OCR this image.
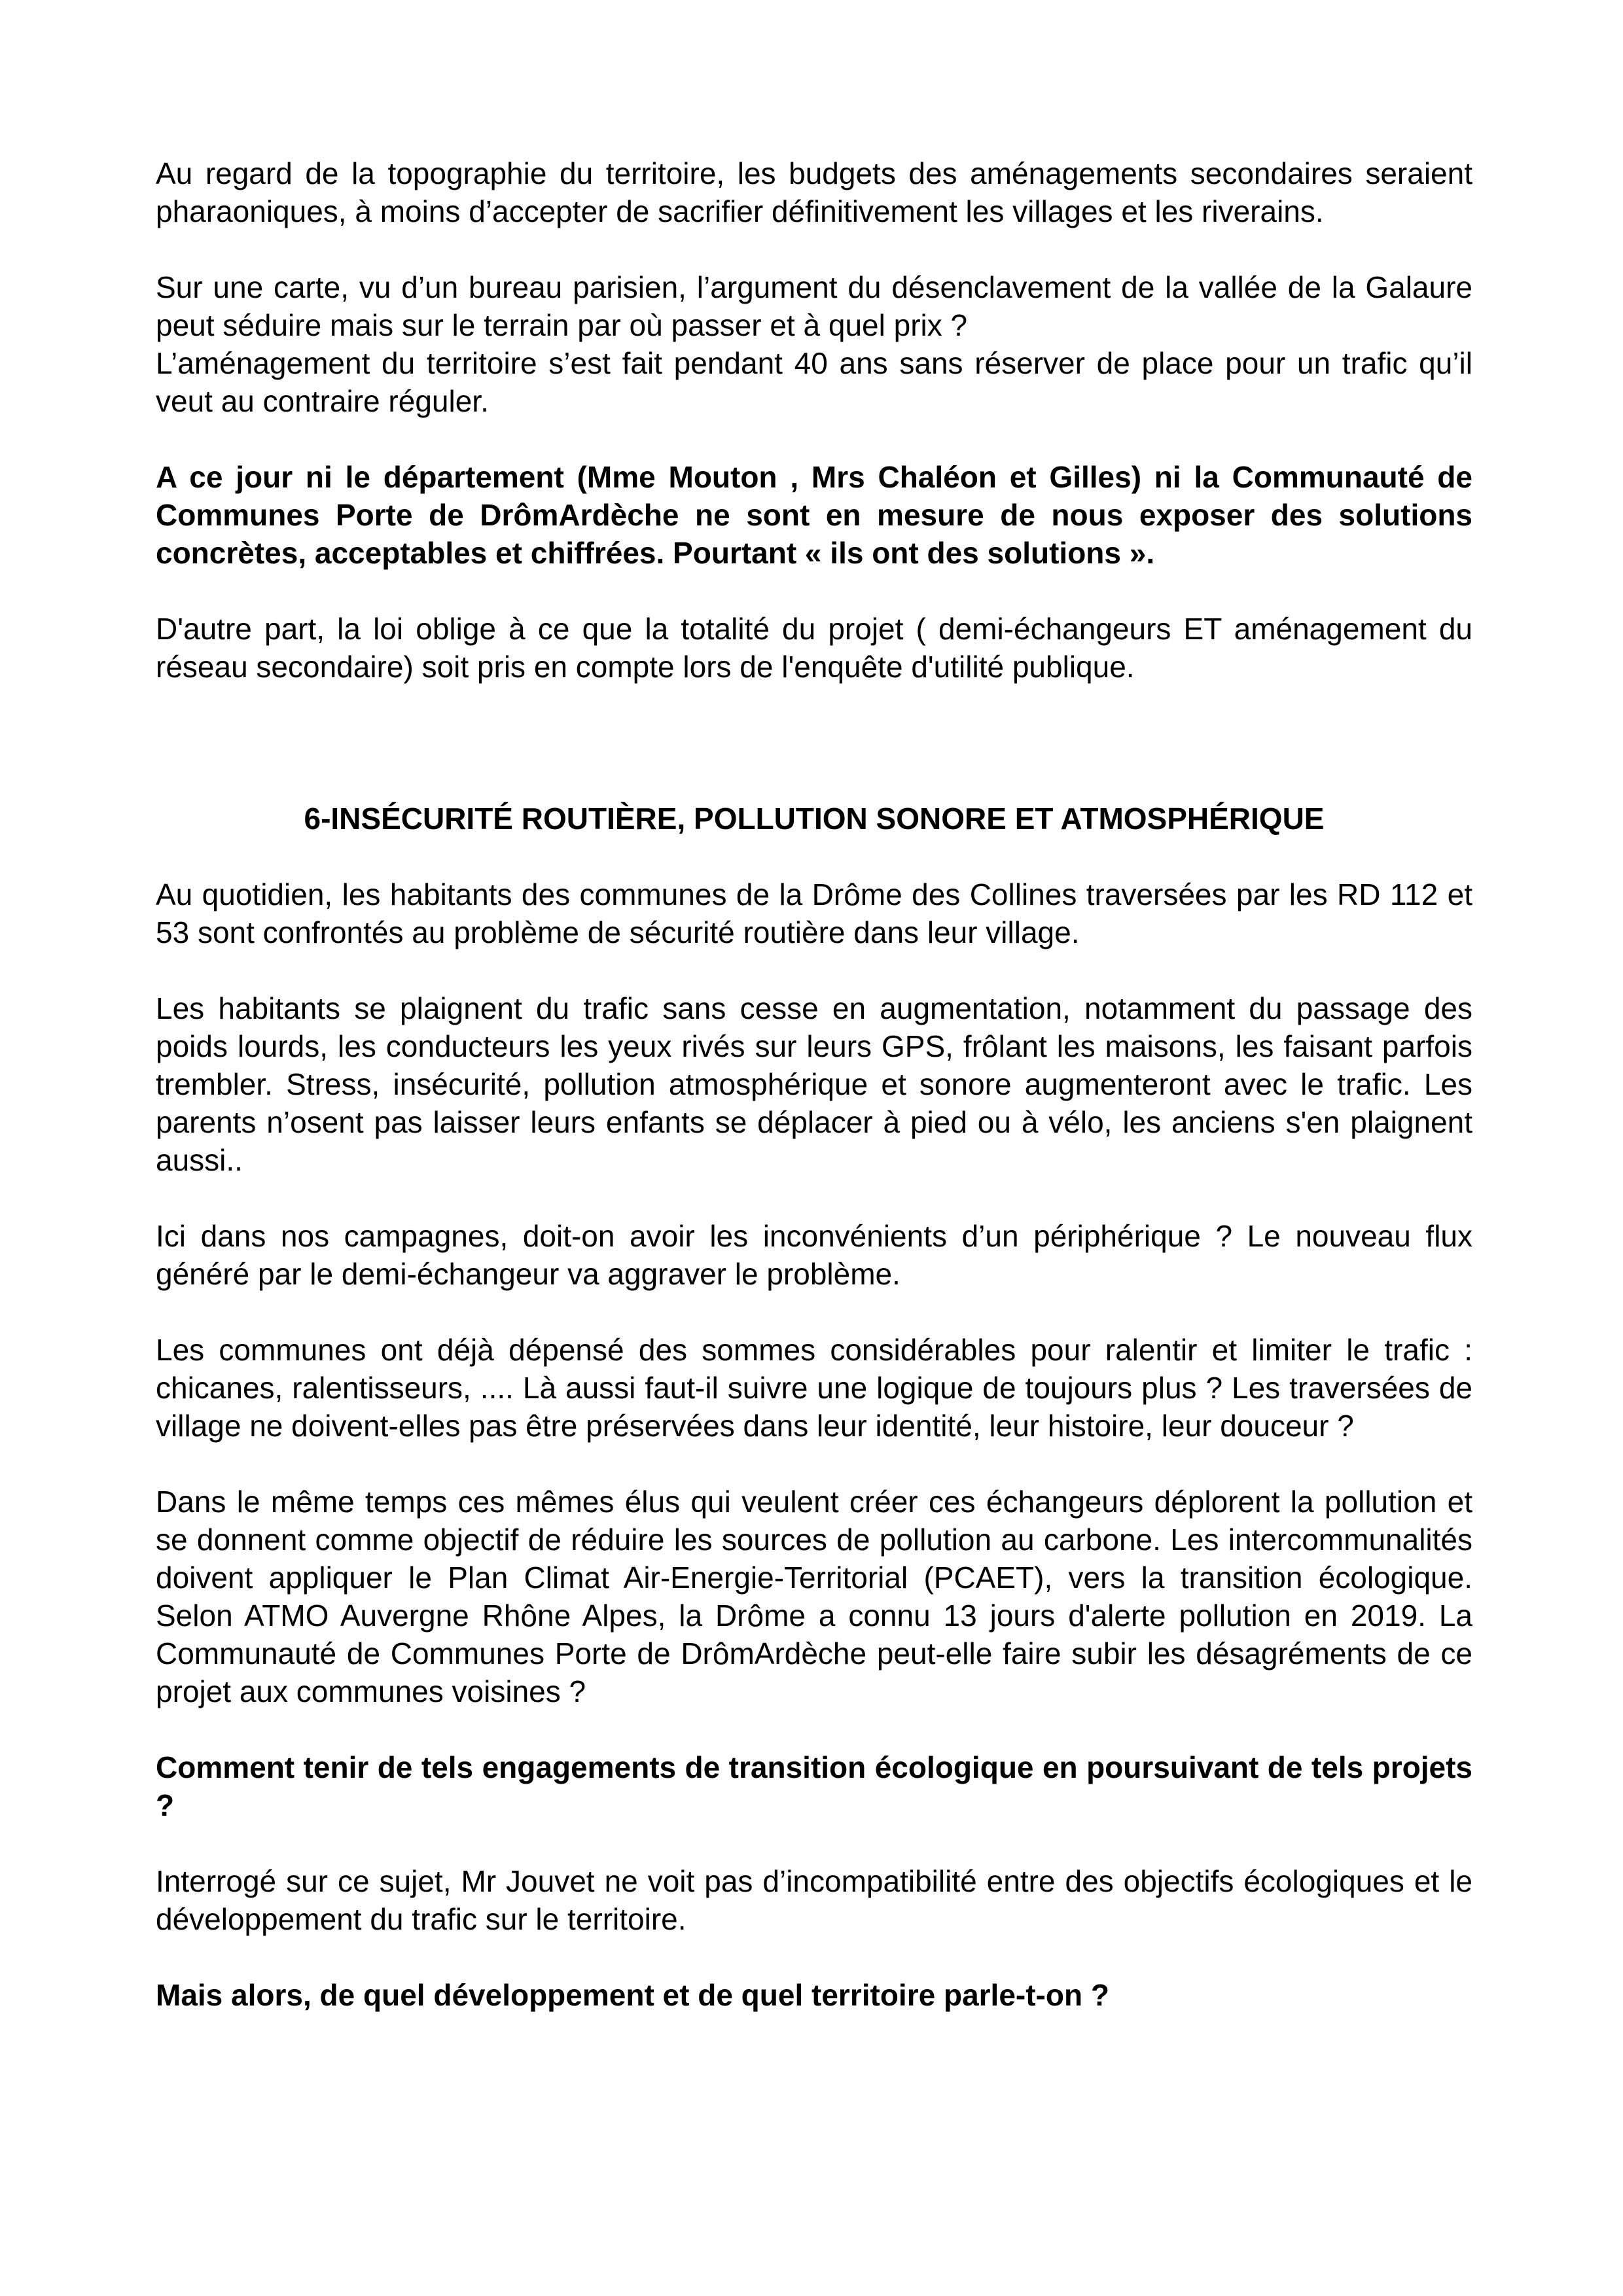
Au regard de la topographie du territoire, les budgets des aménagements secondaires seraient pharaoniques, à moins d’accepter de sacrifier définitivement les villages et les riverains.

Sur une carte, vu d’un bureau parisien, l’argument du désenclavement de la vallée de la Galaure peut séduire mais sur le terrain par où passer et à quel prix ?

L’aménagement du territoire s’est fait pendant 40 ans sans réserver de place pour un trafic qu’il veut au contraire réguler.

A ce jour ni le département (Mme Mouton , Mrs Chaléon et Gilles) ni la Communauté de Communes Porte de DrômArdèche ne sont en mesure de nous exposer des solutions concrètes, acceptables et chiffrées. Pourtant « ils ont des solutions ».

D'autre part, la loi oblige à ce que la totalité du projet ( demi-échangeurs ET aménagement du réseau secondaire) soit pris en compte lors de l'enquête d'utilité publique.

6-INSÉCURITÉ ROUTIÈRE, POLLUTION SONORE ET ATMOSPHÉRIQUE

Au quotidien, les habitants des communes de la Drôme des Collines traversées par les RD 112 et 53 sont confrontés au problème de sécurité routière dans leur village.

Les habitants se plaignent du trafic sans cesse en augmentation, notamment du passage des poids lourds, les conducteurs les yeux rivés sur leurs GPS, frôlant les maisons, les faisant parfois trembler. Stress, insécurité, pollution atmosphérique et sonore augmenteront avec le trafic. Les parents n’osent pas laisser leurs enfants se déplacer à pied ou à vélo, les anciens s'en plaignent aussi..

Ici dans nos campagnes, doit-on avoir les inconvénients d’un périphérique ? Le nouveau flux généré par le demi-échangeur va aggraver le problème.

Les communes ont déjà dépensé des sommes considérables pour ralentir et limiter le trafic : chicanes, ralentisseurs, .... Là aussi faut-il suivre une logique de toujours plus ? Les traversées de village ne doivent-elles pas être préservées dans leur identité, leur histoire, leur douceur ?

Dans le même temps ces mêmes élus qui veulent créer ces échangeurs déplorent la pollution et se donnent comme objectif de réduire les sources de pollution au carbone. Les intercommunalités doivent appliquer le Plan Climat Air-Energie-Territorial (PCAET), vers la transition écologique. Selon ATMO Auvergne Rhône Alpes, la Drôme a connu 13 jours d'alerte pollution en 2019. La Communauté de Communes Porte de DrômArdèche peut-elle faire subir les désagréments de ce projet aux communes voisines ?

Comment tenir de tels engagements de transition écologique en poursuivant de tels projets ?

Interrogé sur ce sujet, Mr Jouvet ne voit pas d’incompatibilité entre des objectifs écologiques et le développement du trafic sur le territoire.

Mais alors, de quel développement et de quel territoire parle-t-on ?
